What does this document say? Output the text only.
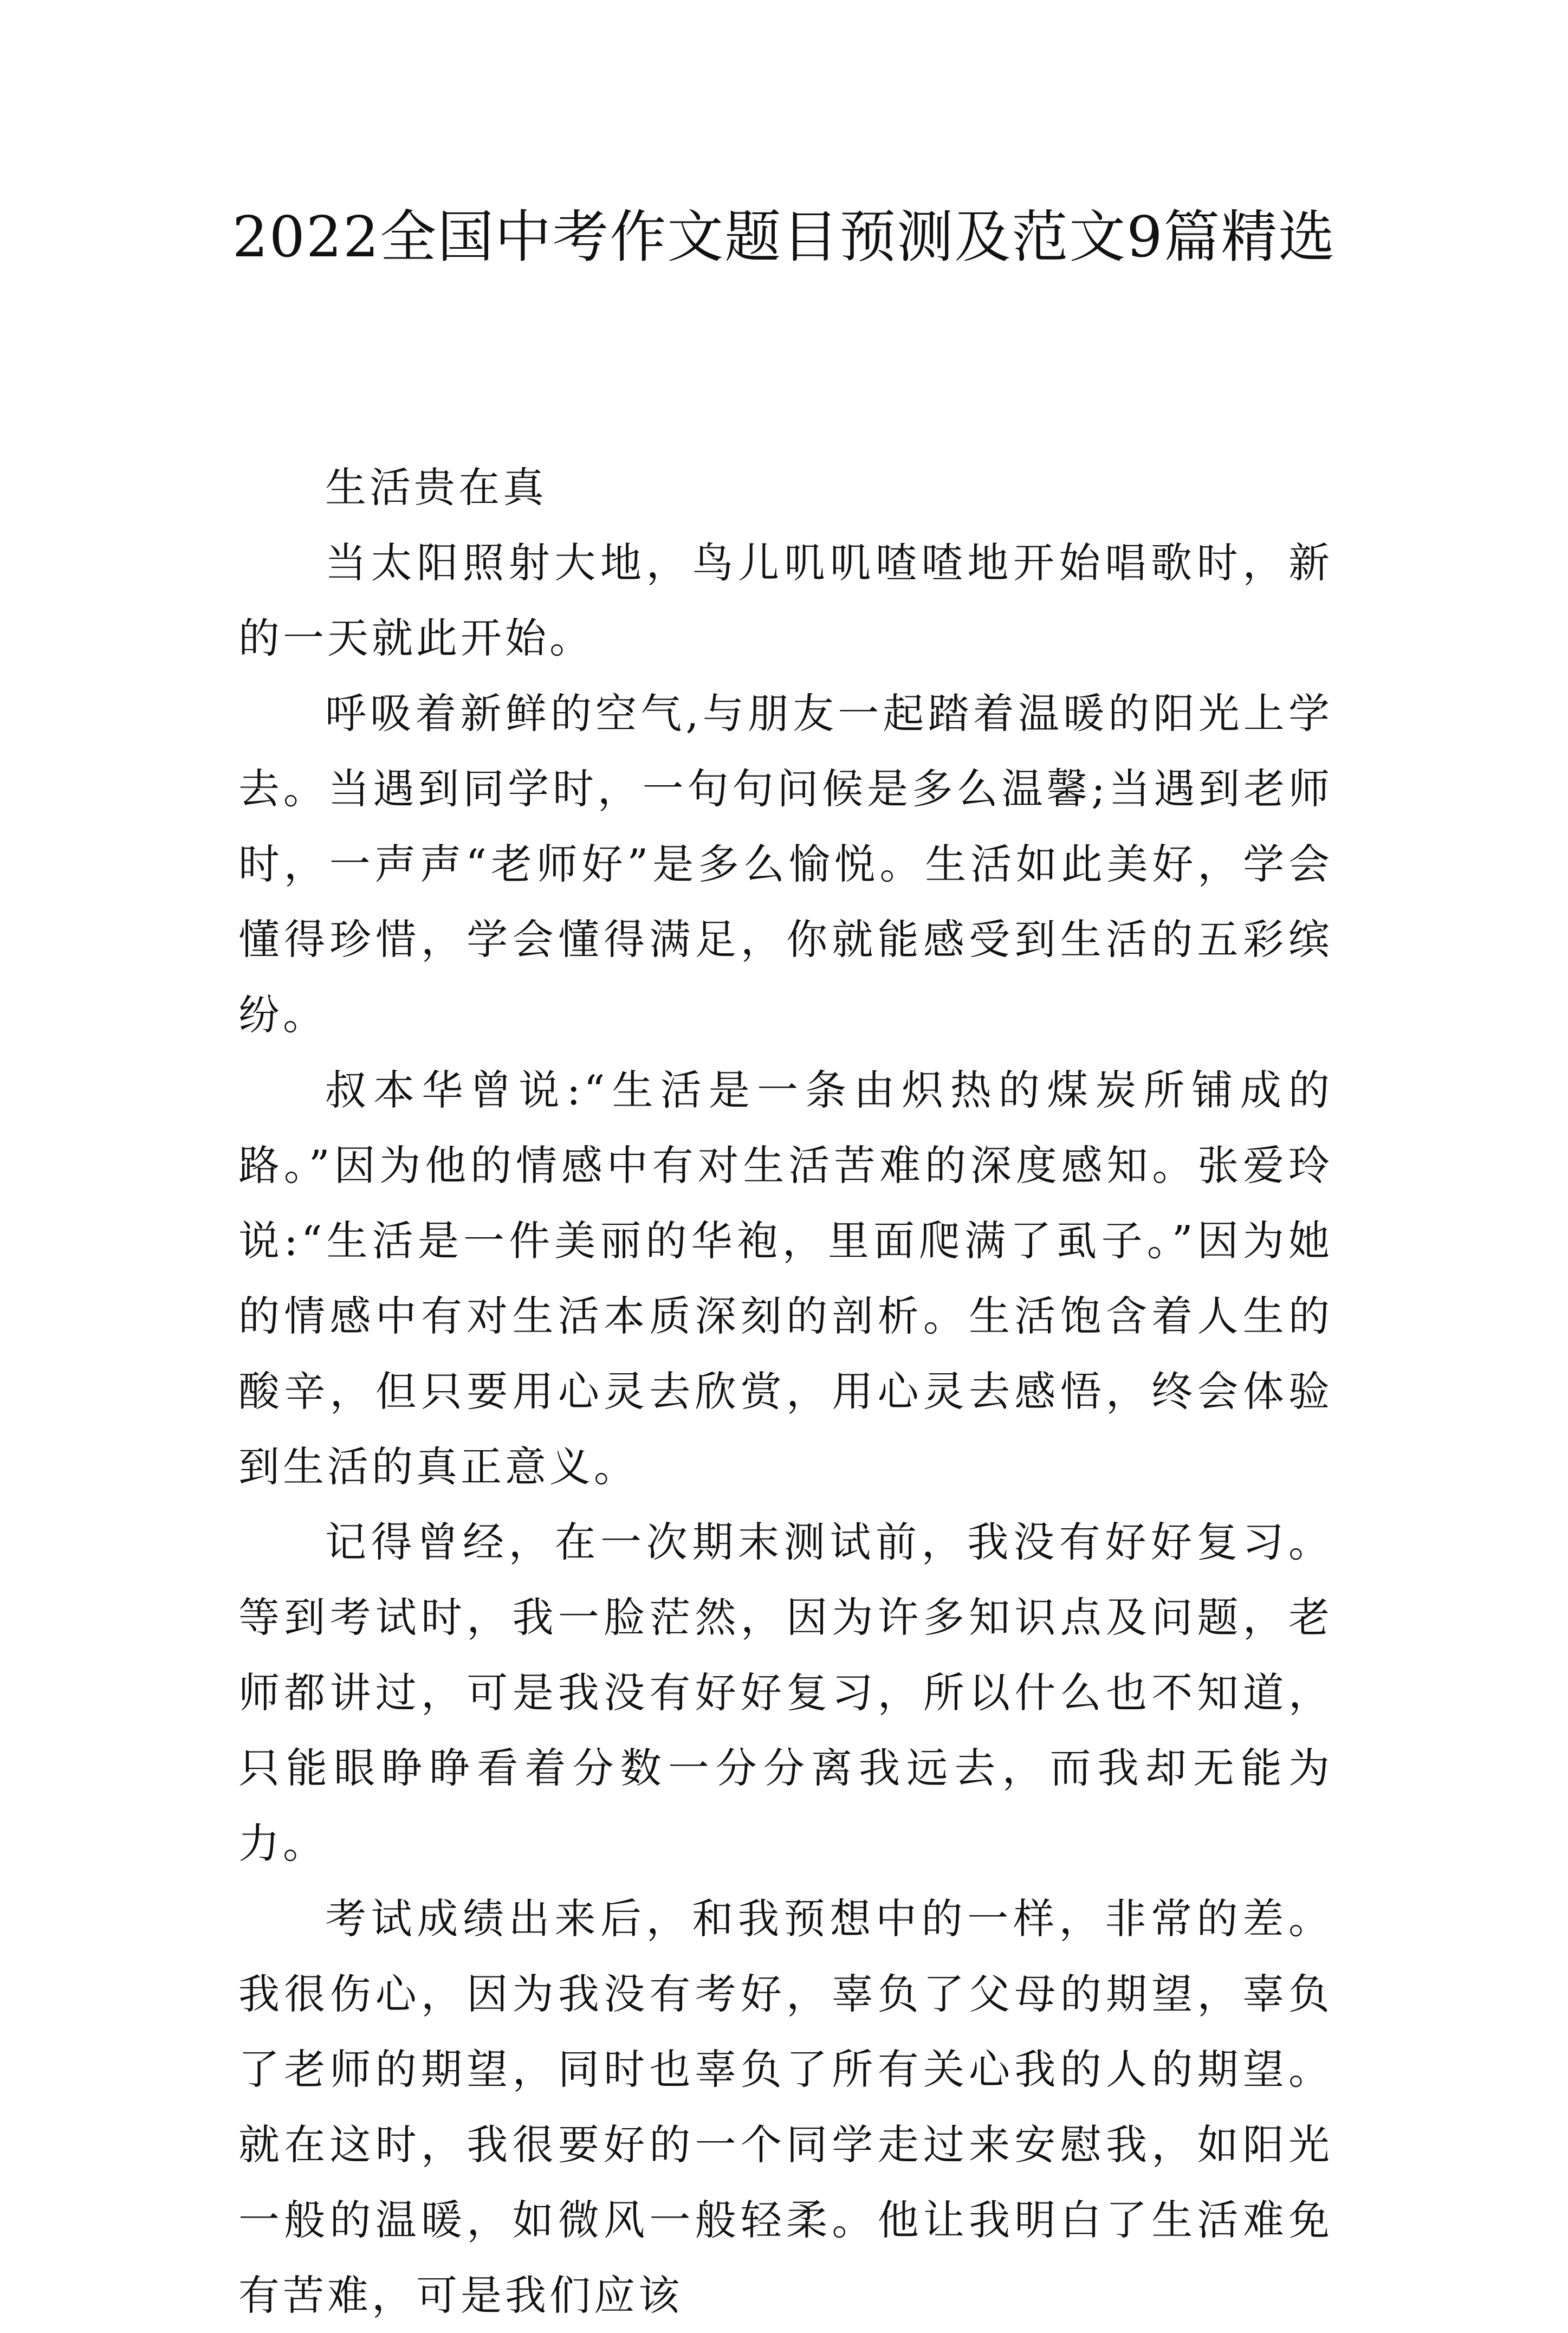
2022全国中考作文题目预测及范文9篇精选

生活贵在真

当太阳照射大地，鸟儿叽叽喳喳地开始唱歌时，新的一天就此开始。

呼吸着新鲜的空气,与朋友一起踏着温暖的阳光上学去。当遇到同学时，一句句问候是多么温馨;当遇到老师时，一声声“老师好”是多么愉悦。生活如此美好，学会懂得珍惜，学会懂得满足，你就能感受到生活的五彩缤纷。

叔本华曾说:“生活是一条由炽热的煤炭所铺成的路。”因为他的情感中有对生活苦难的深度感知。张爱玲说:“生活是一件美丽的华袍，里面爬满了虱子。”因为她的情感中有对生活本质深刻的剖析。生活饱含着人生的酸辛，但只要用心灵去欣赏，用心灵去感悟，终会体验到生活的真正意义。

记得曾经，在一次期末测试前，我没有好好复习。等到考试时，我一脸茫然，因为许多知识点及问题，老师都讲过，可是我没有好好复习，所以什么也不知道，只能眼睁睁看着分数一分分离我远去，而我却无能为力。

考试成绩出来后，和我预想中的一样，非常的差。我很伤心，因为我没有考好，辜负了父母的期望，辜负了老师的期望，同时也辜负了所有关心我的人的期望。就在这时，我很要好的一个同学走过来安慰我，如阳光一般的温暖，如微风一般轻柔。他让我明白了生活难免有苦难，可是我们应该
